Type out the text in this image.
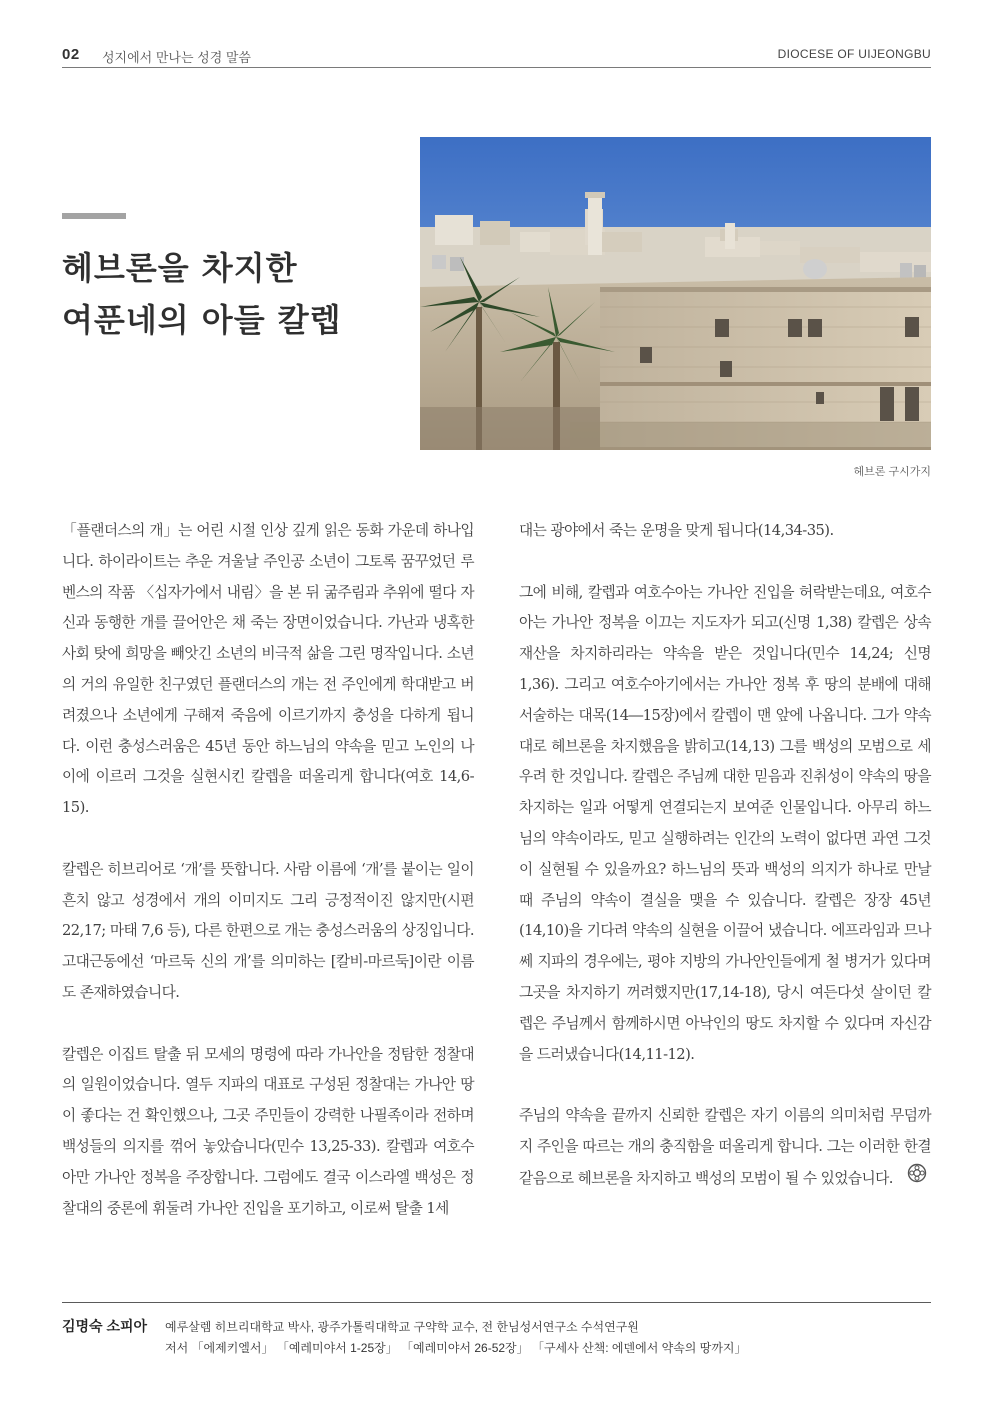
02 성지에서 만나는 성경 말씀	DIOCESE OF UIJEONGBU
헤브론을 차지한
여푼네의 아들 칼렙
헤브론 구시가지

「플랜더스의 개」는 어린 시절 인상 깊게 읽은 동화 가운데 하나입니다. 하이라이트는 추운 겨울날 주인공 소년이 그토록 꿈꾸었던 루벤스의 작품 〈십자가에서 내림〉을 본 뒤 굶주림과 추위에 떨다 자신과 동행한 개를 끌어안은 채 죽는 장면이었습니다. 가난과 냉혹한 사회 탓에 희망을 빼앗긴 소년의 비극적 삶을 그린 명작입니다. 소년의 거의 유일한 친구였던 플랜더스의 개는 전 주인에게 학대받고 버려졌으나 소년에게 구해져 죽음에 이르기까지 충성을 다하게 됩니다. 이런 충성스러움은 45년 동안 하느님의 약속을 믿고 노인의 나이에 이르러 그것을 실현시킨 칼렙을 떠올리게 합니다(여호 14,6-15).

칼렙은 히브리어로 ‘개’를 뜻합니다. 사람 이름에 ‘개’를 붙이는 일이 흔치 않고 성경에서 개의 이미지도 그리 긍정적이진 않지만(시편 22,17; 마태 7,6 등), 다른 한편으로 개는 충성스러움의 상징입니다. 고대근동에선 ‘마르둑 신의 개’를 의미하는 [칼비-마르둑]이란 이름도 존재하였습니다.

칼렙은 이집트 탈출 뒤 모세의 명령에 따라 가나안을 정탐한 정찰대의 일원이었습니다. 열두 지파의 대표로 구성된 정찰대는 가나안 땅이 좋다는 건 확인했으나, 그곳 주민들이 강력한 나필족이라 전하며 백성들의 의지를 꺾어 놓았습니다(민수 13,25-33). 칼렙과 여호수아만 가나안 정복을 주장합니다. 그럼에도 결국 이스라엘 백성은 정찰대의 중론에 휘둘려 가나안 진입을 포기하고, 이로써 탈출 1세

대는 광야에서 죽는 운명을 맞게 됩니다(14,34-35).

그에 비해, 칼렙과 여호수아는 가나안 진입을 허락받는데요, 여호수아는 가나안 정복을 이끄는 지도자가 되고(신명 1,38) 칼렙은 상속 재산을 차지하리라는 약속을 받은 것입니다(민수 14,24; 신명 1,36). 그리고 여호수아기에서는 가나안 정복 후 땅의 분배에 대해 서술하는 대목(14―15장)에서 칼렙이 맨 앞에 나옵니다. 그가 약속대로 헤브론을 차지했음을 밝히고(14,13) 그를 백성의 모범으로 세우려 한 것입니다. 칼렙은 주님께 대한 믿음과 진취성이 약속의 땅을 차지하는 일과 어떻게 연결되는지 보여준 인물입니다. 아무리 하느님의 약속이라도, 믿고 실행하려는 인간의 노력이 없다면 과연 그것이 실현될 수 있을까요? 하느님의 뜻과 백성의 의지가 하나로 만날 때 주님의 약속이 결실을 맺을 수 있습니다. 칼렙은 장장 45년(14,10)을 기다려 약속의 실현을 이끌어 냈습니다. 에프라임과 므나쎄 지파의 경우에는, 평야 지방의 가나안인들에게 철 병거가 있다며 그곳을 차지하기 꺼려했지만(17,14-18), 당시 여든다섯 살이던 칼렙은 주님께서 함께하시면 아낙인의 땅도 차지할 수 있다며 자신감을 드러냈습니다(14,11-12).

주님의 약속을 끝까지 신뢰한 칼렙은 자기 이름의 의미처럼 무덤까지 주인을 따르는 개의 충직함을 떠올리게 합니다. 그는 이러한 한결같음으로 헤브론을 차지하고 백성의 모범이 될 수 있었습니다.

김명숙 소피아 예루살렘 히브리대학교 박사, 광주가톨릭대학교 구약학 교수, 전 한님성서연구소 수석연구원
저서 「에제키엘서」 「예레미야서 1-25장」 「예레미야서 26-52장」 「구세사 산책: 에덴에서 약속의 땅까지」
